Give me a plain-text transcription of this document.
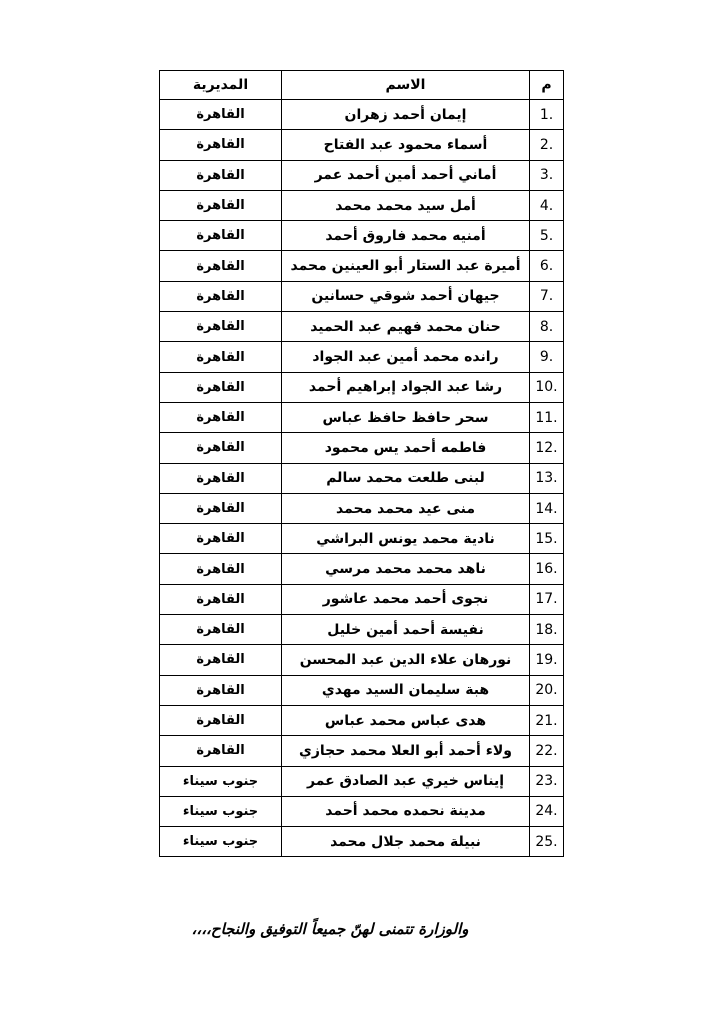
م	الاسم	المديرية
1.	إيمان أحمد زهران	القاهرة
2.	أسماء محمود عبد الفتاح	القاهرة
3.	أماني أحمد أمين أحمد عمر	القاهرة
4.	أمل سيد محمد محمد	القاهرة
5.	أمنيه محمد فاروق أحمد	القاهرة
6.	أميرة عبد الستار أبو العينين محمد	القاهرة
7.	جيهان أحمد شوقي حسانين	القاهرة
8.	حنان محمد فهيم عبد الحميد	القاهرة
9.	رانده محمد أمين عبد الجواد	القاهرة
10.	رشا عبد الجواد إبراهيم أحمد	القاهرة
11.	سحر حافظ حافظ عباس	القاهرة
12.	فاطمه أحمد يس محمود	القاهرة
13.	لبنى طلعت محمد سالم	القاهرة
14.	منى عيد محمد محمد	القاهرة
15.	نادية محمد يونس البراشي	القاهرة
16.	ناهد محمد محمد مرسي	القاهرة
17.	نجوى أحمد محمد عاشور	القاهرة
18.	نفيسة أحمد أمين خليل	القاهرة
19.	نورهان علاء الدين عبد المحسن	القاهرة
20.	هبة سليمان السيد مهدي	القاهرة
21.	هدى عباس محمد عباس	القاهرة
22.	ولاء أحمد أبو العلا محمد حجازي	القاهرة
23.	إيناس خيري عبد الصادق عمر	جنوب سيناء
24.	مدينة نحمده محمد أحمد	جنوب سيناء
25.	نبيلة محمد جلال محمد	جنوب سيناء
والوزارة تتمنى لهنّ جميعاً التوفيق والنجاح،،،،
